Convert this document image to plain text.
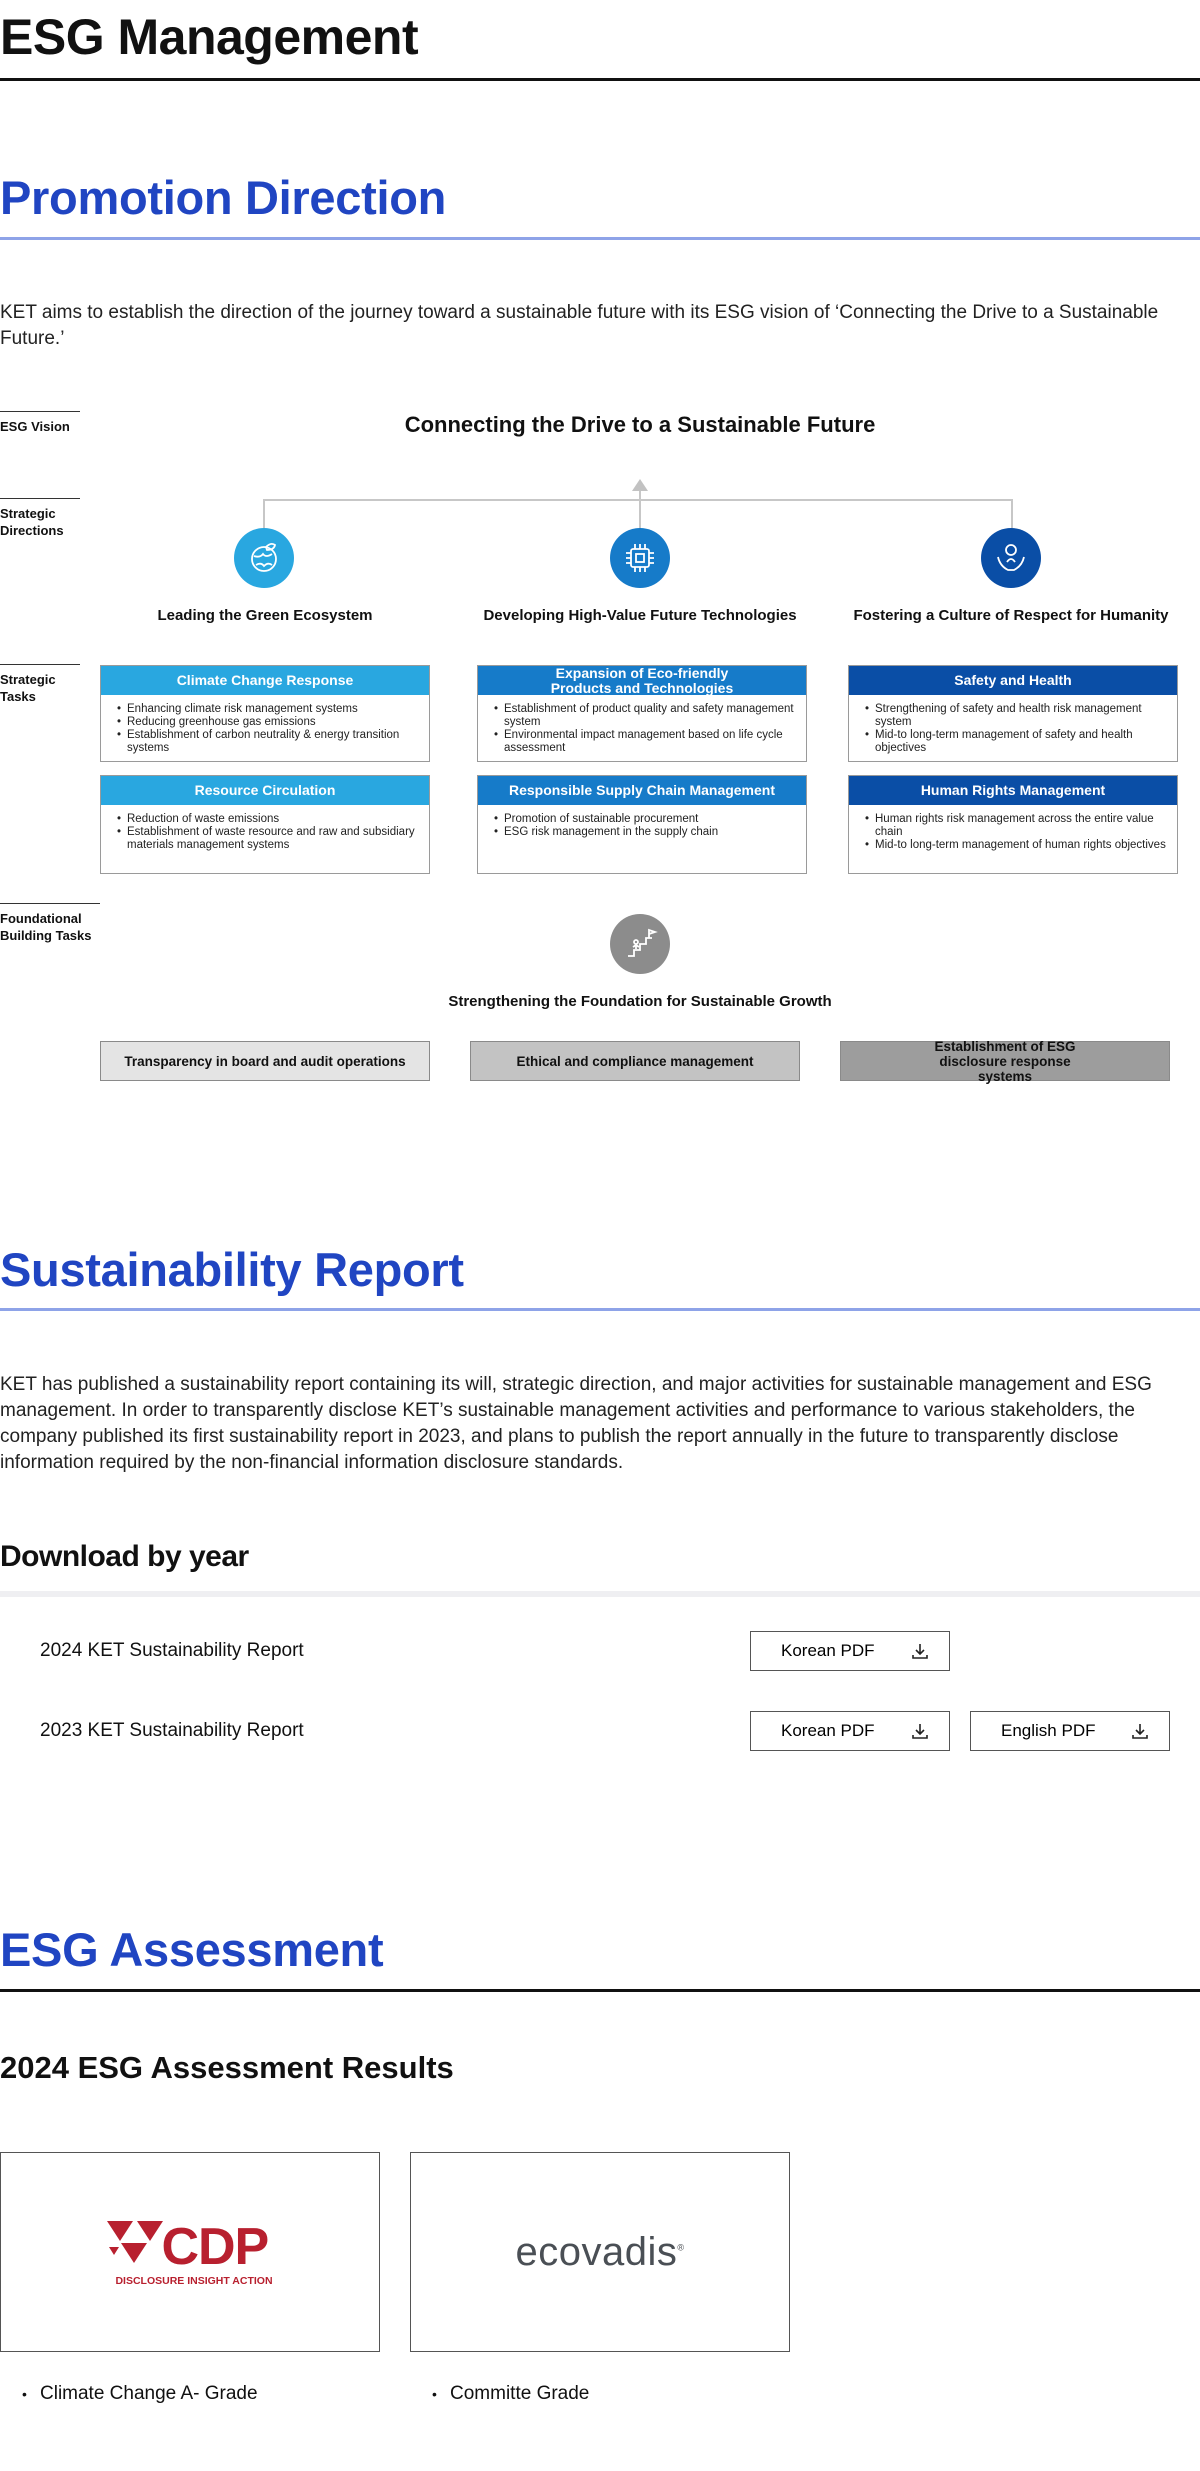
ESG Management
Promotion Direction

KET aims to establish the direction of the journey toward a sustainable future with its ESG vision of ‘Connecting the Drive to a Sustainable Future.’

ESG Vision
Strategic Directions
Strategic Tasks
Foundational Building Tasks
Connecting the Drive to a Sustainable Future
Leading the Green Ecosystem	Developing High-Value Future Technologies	Fostering a Culture of Respect for Humanity
Climate Change Response
• Enhancing climate risk management systems
• Reducing greenhouse gas emissions
• Establishment of carbon neutrality & energy transition systems
Expansion of Eco-friendly Products and Technologies
• Establishment of product quality and safety management system
• Environmental impact management based on life cycle assessment
Safety and Health
• Strengthening of safety and health risk management system
• Mid-to long-term management of safety and health objectives
Resource Circulation
• Reduction of waste emissions
• Establishment of waste resource and raw and subsidiary materials management systems
Responsible Supply Chain Management
• Promotion of sustainable procurement
• ESG risk management in the supply chain
Human Rights Management
• Human rights risk management across the entire value chain
• Mid-to long-term management of human rights objectives
Strengthening the Foundation for Sustainable Growth
Transparency in board and audit operations	Ethical and compliance management
Establishment of ESG disclosure response systems
Sustainability Report

KET has published a sustainability report containing its will, strategic direction, and major activities for sustainable management and ESG management. In order to transparently disclose KET’s sustainable management activities and performance to various stakeholders, the company published its first sustainability report in 2023, and plans to publish the report annually in the future to transparently disclose information required by the non-financial information disclosure standards.

Download by year
2024 KET Sustainability Report	Korean PDF
2023 KET Sustainability Report	Korean PDF	English PDF
ESG Assessment
2024 ESG Assessment Results
CDP
DISCLOSURE INSIGHT ACTION
ecovadis®
• Climate Change A- Grade
•	Committe Grade
